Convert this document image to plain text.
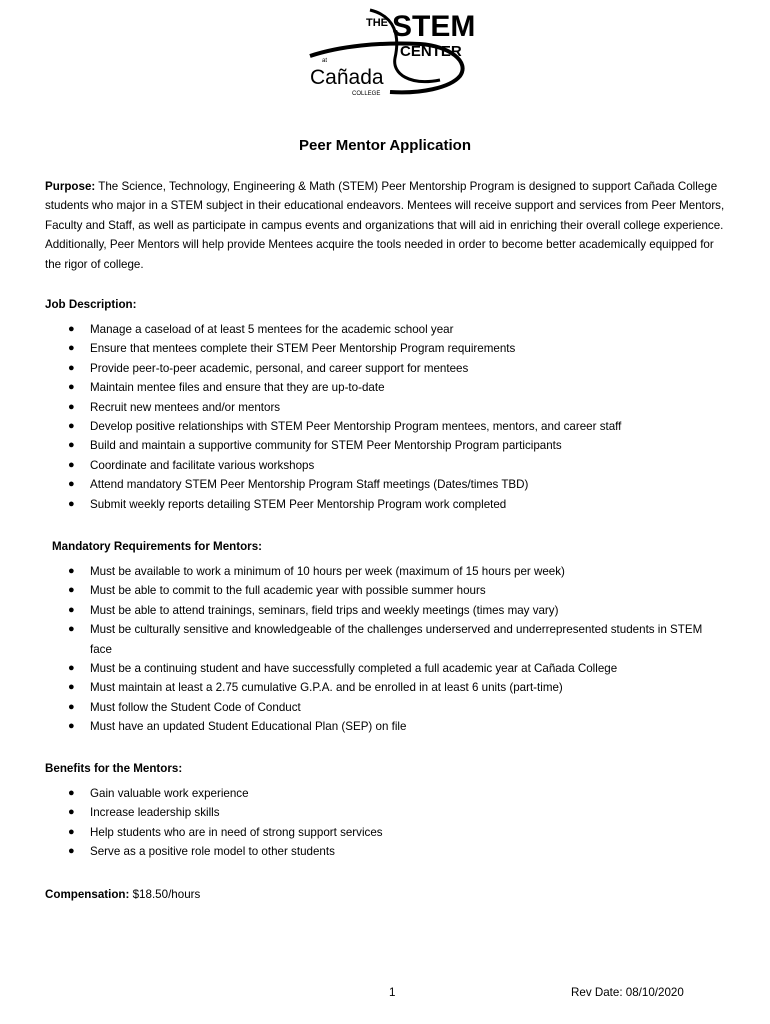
THE STEM
CENTER
at
Cañada
COLLEGE
Peer Mentor Application
Purpose: The Science, Technology, Engineering & Math (STEM) Peer Mentorship Program is designed to support Cañada College students who major in a STEM subject in their educational endeavors. Mentees will receive support and services from Peer Mentors, Faculty and Staff, as well as participate in campus events and organizations that will aid in enriching their overall college experience. Additionally, Peer Mentors will help provide Mentees acquire the tools needed in order to become better academically equipped for the rigor of college.
Job Description:
● Manage a caseload of at least 5 mentees for the academic school year
● Ensure that mentees complete their STEM Peer Mentorship Program requirements
● Provide peer-to-peer academic, personal, and career support for mentees
● Maintain mentee files and ensure that they are up-to-date
● Recruit new mentees and/or mentors
● Develop positive relationships with STEM Peer Mentorship Program mentees, mentors, and career staff
● Build and maintain a supportive community for STEM Peer Mentorship Program participants
● Coordinate and facilitate various workshops
● Attend mandatory STEM Peer Mentorship Program Staff meetings (Dates/times TBD)
● Submit weekly reports detailing STEM Peer Mentorship Program work completed
Mandatory Requirements for Mentors:
● Must be available to work a minimum of 10 hours per week (maximum of 15 hours per week)
● Must be able to commit to the full academic year with possible summer hours
● Must be able to attend trainings, seminars, field trips and weekly meetings (times may vary)
● Must be culturally sensitive and knowledgeable of the challenges underserved and underrepresented students in STEM face
● Must be a continuing student and have successfully completed a full academic year at Cañada College
● Must maintain at least a 2.75 cumulative G.P.A. and be enrolled in at least 6 units (part-time)
● Must follow the Student Code of Conduct
● Must have an updated Student Educational Plan (SEP) on file
Benefits for the Mentors:
● Gain valuable work experience
● Increase leadership skills
● Help students who are in need of strong support services
● Serve as a positive role model to other students
Compensation: $18.50/hours
1	Rev Date: 08/10/2020
